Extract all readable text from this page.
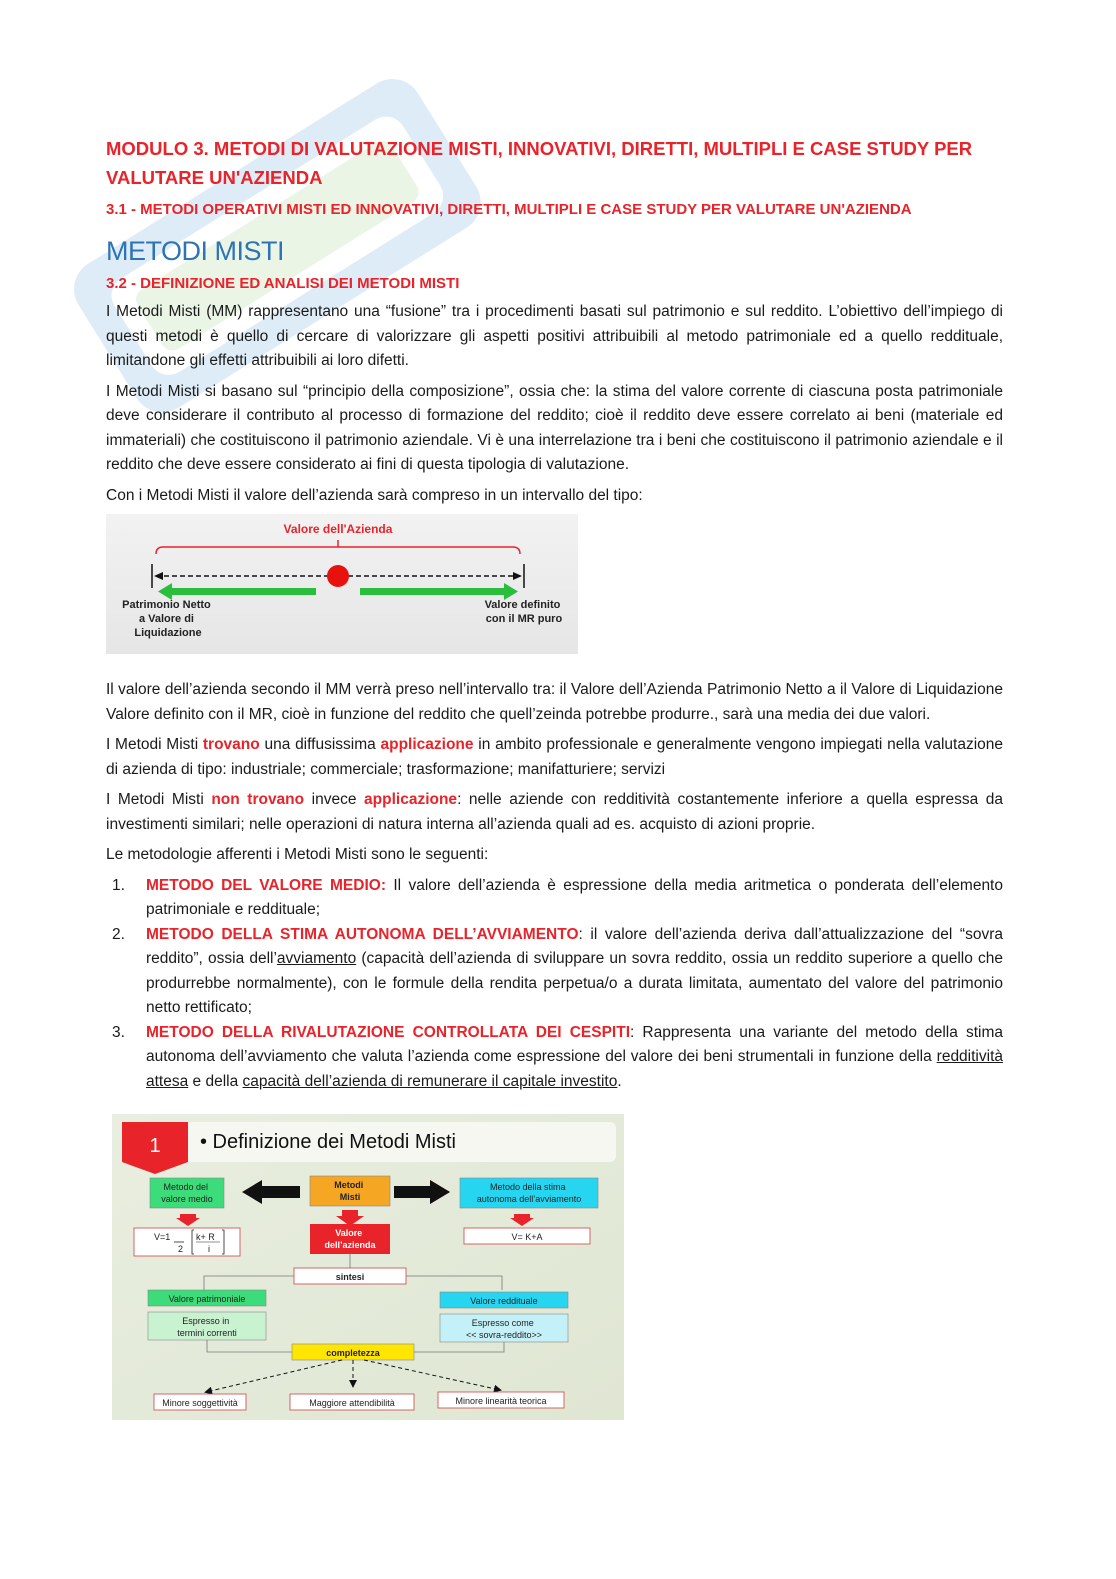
MODULO 3. METODI DI VALUTAZIONE MISTI, INNOVATIVI, DIRETTI, MULTIPLI E CASE STUDY PER VALUTARE UN'AZIENDA
3.1 - METODI OPERATIVI MISTI ED INNOVATIVI, DIRETTI, MULTIPLI E CASE STUDY PER VALUTARE UN'AZIENDA
METODI MISTI
3.2 - DEFINIZIONE ED ANALISI DEI METODI MISTI

I Metodi Misti (MM) rappresentano una “fusione” tra i procedimenti basati sul patrimonio e sul reddito. L’obiettivo dell’impiego di questi metodi è quello di cercare di valorizzare gli aspetti positivi attribuibili al metodo patrimoniale ed a quello reddituale, limitandone gli effetti attribuibili ai loro difetti.

I Metodi Misti si basano sul “principio della composizione”, ossia che: la stima del valore corrente di ciascuna posta patrimoniale deve considerare il contributo al processo di formazione del reddito; cioè il reddito deve essere correlato ai beni (materiale ed immateriali) che costituiscono il patrimonio aziendale. Vi è una interrelazione tra i beni che costituiscono il patrimonio aziendale e il reddito che deve essere considerato ai fini di questa tipologia di valutazione.

Con i Metodi Misti il valore dell’azienda sarà compreso in un intervallo del tipo:

Valore dell'Azienda
Patrimonio Netto a Valore di Liquidazione
Valore definito con il MR puro

Il valore dell’azienda secondo il MM verrà preso nell’intervallo tra: il Valore dell’Azienda Patrimonio Netto a il Valore di Liquidazione Valore definito con il MR, cioè in funzione del reddito che quell’zeinda potrebbe produrre., sarà una media dei due valori.

I Metodi Misti trovano una diffusissima applicazione in ambito professionale e generalmente vengono impiegati nella valutazione di azienda di tipo: industriale; commerciale; trasformazione; manifatturiere; servizi

I Metodi Misti non trovano invece applicazione: nelle aziende con redditività costantemente inferiore a quella espressa da investimenti similari; nelle operazioni di natura interna all’azienda quali ad es. acquisto di azioni proprie.

Le metodologie afferenti i Metodi Misti sono le seguenti:

1. METODO DEL VALORE MEDIO: Il valore dell’azienda è espressione della media aritmetica o ponderata dell’elemento patrimoniale e reddituale;
2. METODO DELLA STIMA AUTONOMA DELL’AVVIAMENTO: il valore dell’azienda deriva dall’attualizzazione del “sovra reddito”, ossia dell’avviamento (capacità dell’azienda di sviluppare un sovra reddito, ossia un reddito superiore a quello che produrrebbe normalmente), con le formule della rendita perpetua/o a durata limitata, aumentato del valore del patrimonio netto rettificato;
3. METODO DELLA RIVALUTAZIONE CONTROLLATA DEI CESPITI: Rappresenta una variante del metodo della stima autonoma dell’avviamento che valuta l’azienda come espressione del valore dei beni strumentali in funzione della redditività attesa e della capacità dell’azienda di remunerare il capitale investito.
1 • Definizione dei Metodi Misti
Metodo del valore medio
Metodi Misti
Metodo della stima autonoma dell’avviamento
V=1
2
k+ R
i
Valore dell’azienda
V= K+A
sintesi
Valore patrimoniale
Espresso in termini correnti
Valore reddituale
Espresso come << sovra-reddito>>
completezza
Minore soggettività	Maggiore attendibilità	Minore linearità teorica
